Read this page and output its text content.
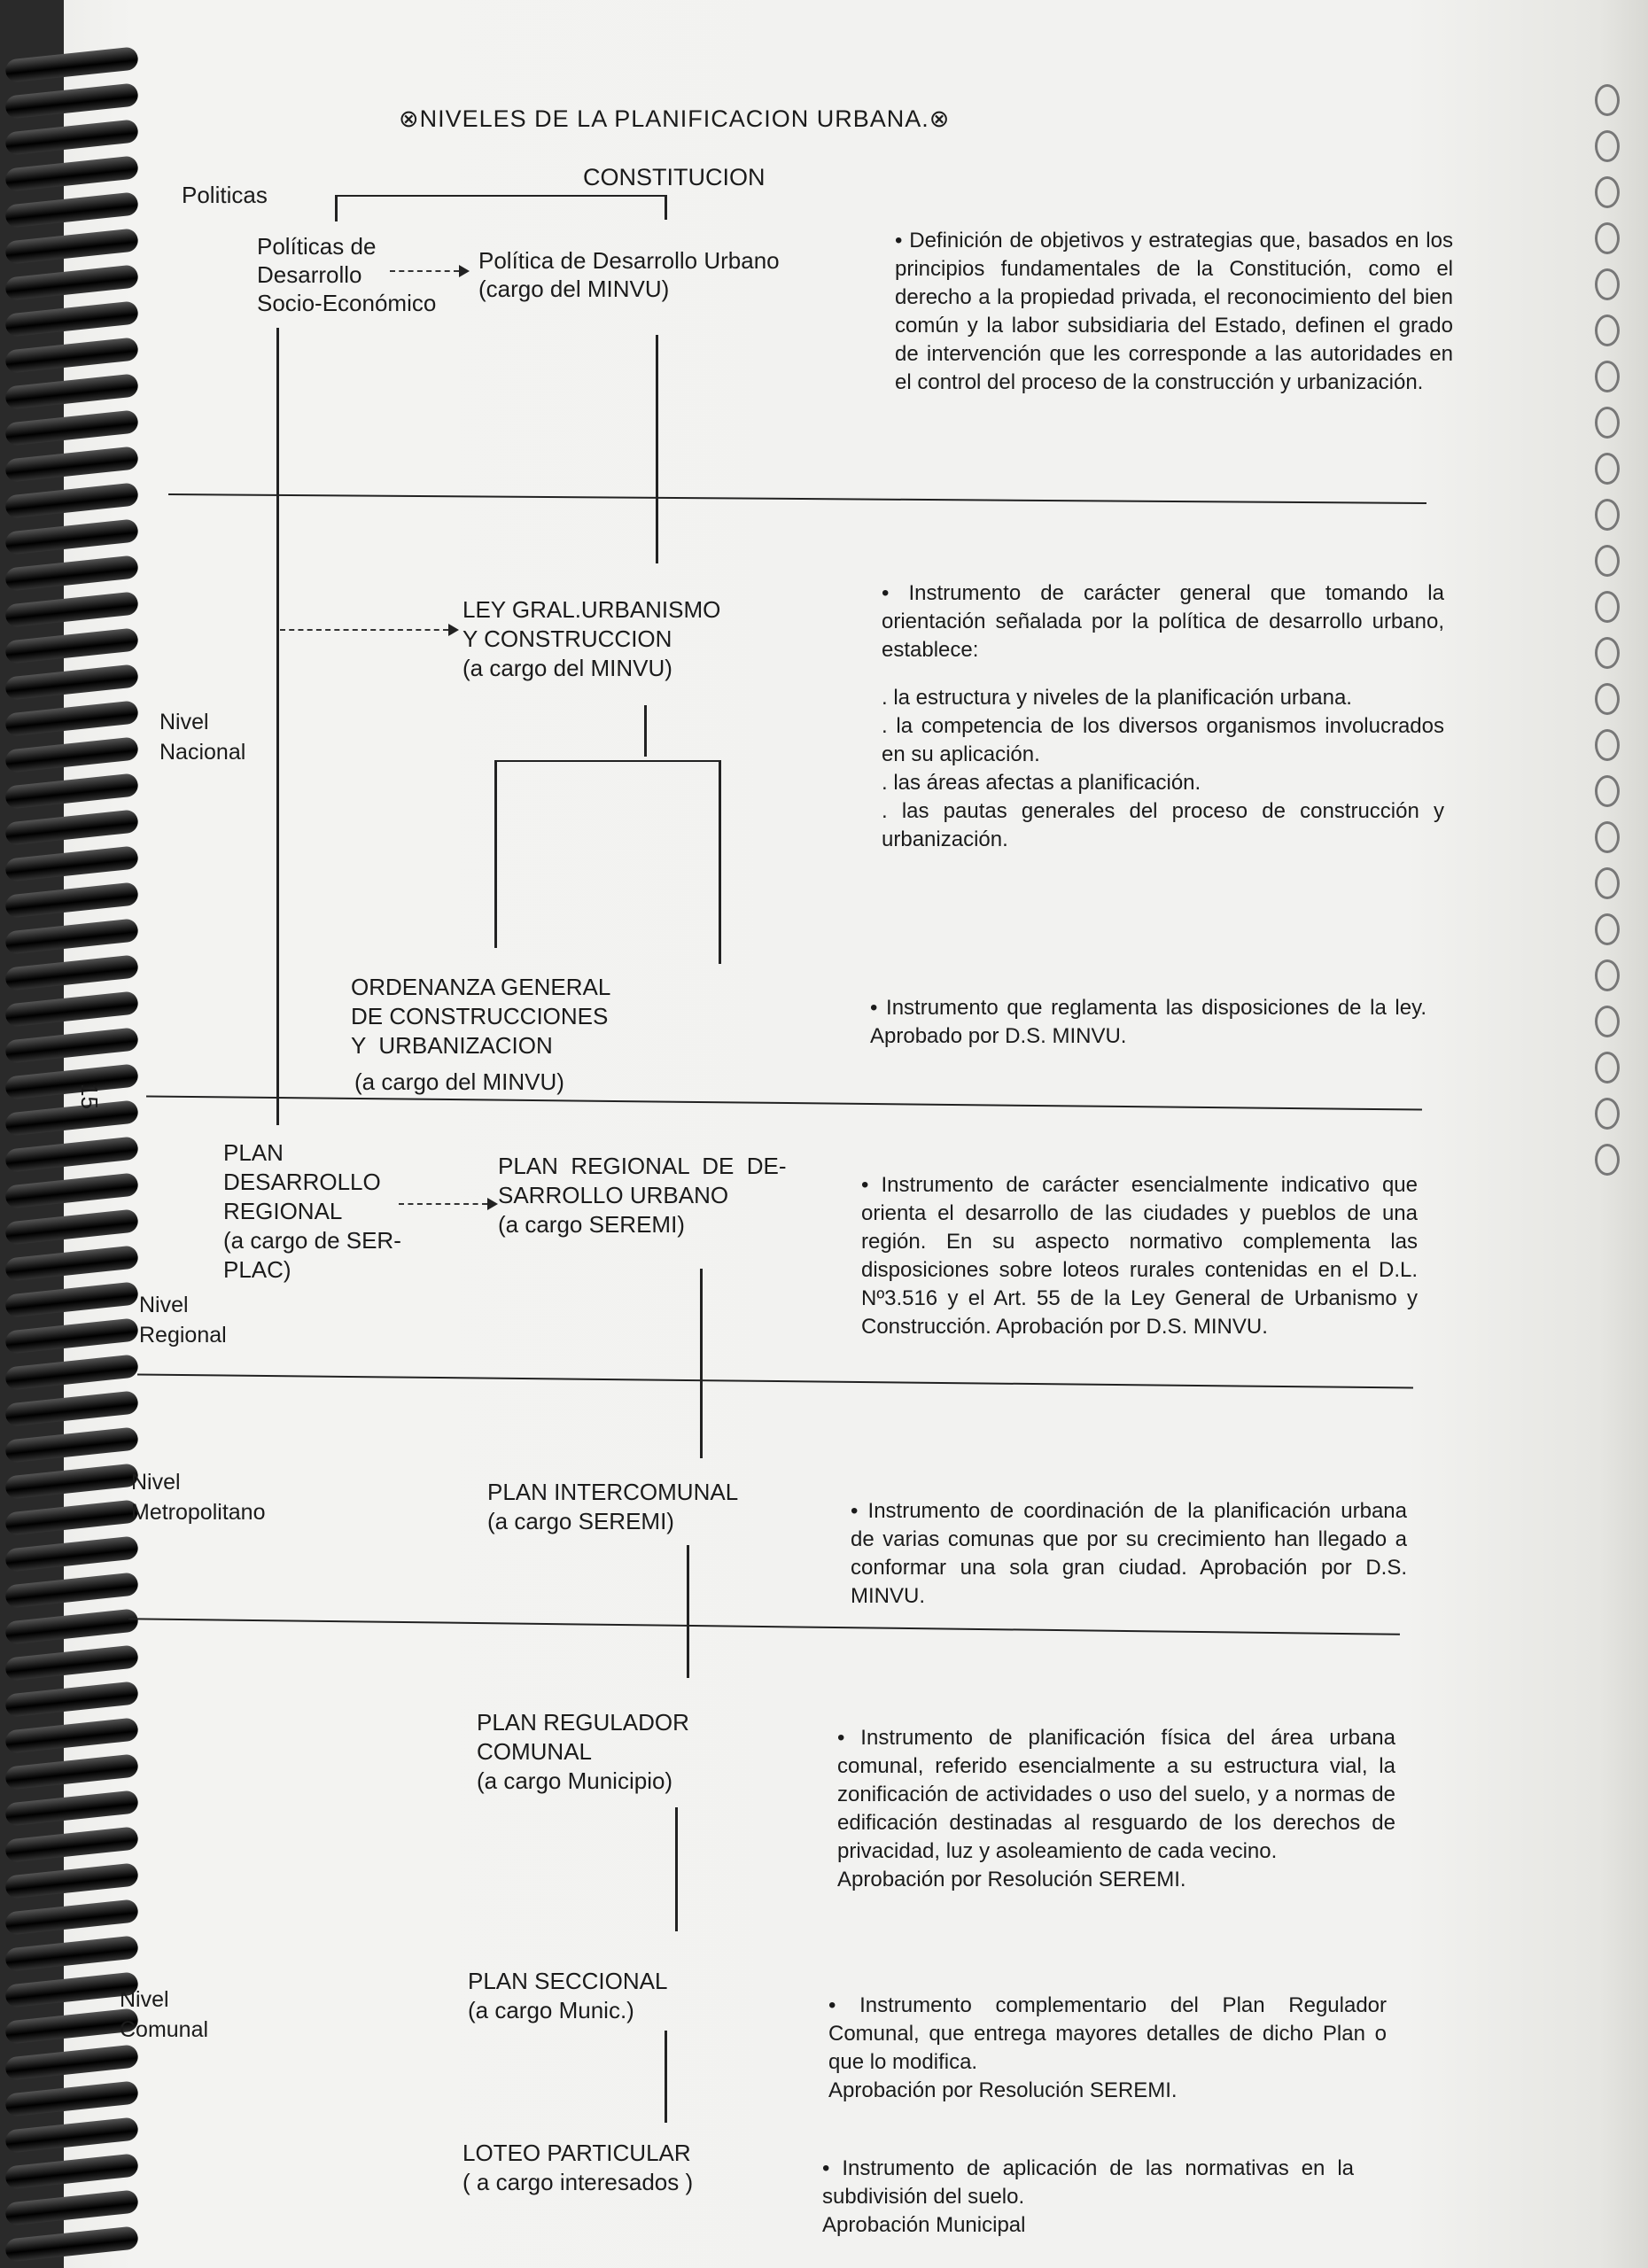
15
⊗NIVELES DE LA PLANIFICACION URBANA.⊗
Politicas
Nivel
Nacional
Nivel
Regional
Nivel
Metropolitano
Nivel
Comunal
CONSTITUCION
Políticas de
Desarrollo
Socio-Económico
Política de Desarrollo Urbano
(cargo del MINVU)
LEY GRAL.URBANISMO
Y CONSTRUCCION
(a cargo del MINVU)
ORDENANZA GENERAL
DE CONSTRUCCIONES
Y  URBANIZACION
(a cargo del MINVU)
PLAN
DESARROLLO
REGIONAL
(a cargo de SER-
PLAC)
PLAN  REGIONAL  DE  DE-
SARROLLO URBANO
(a cargo SEREMI)
PLAN INTERCOMUNAL
(a cargo SEREMI)
PLAN REGULADOR
COMUNAL
(a cargo Municipio)
PLAN SECCIONAL
(a cargo Munic.)
LOTEO PARTICULAR
( a cargo interesados )
• Definición de objetivos y estrategias que, basados en los principios fundamentales de la Constitución, como el derecho a la propiedad privada, el reconocimiento del bien común y la labor subsidiaria del Estado, definen el grado de intervención que les corresponde a las autoridades en el control del proceso de la construcción y urbanización.

• Instrumento de carácter general que tomando la orientación señalada por la política de desarrollo urbano, establece:

. la estructura y niveles de la planificación urbana.

. la competencia de los diversos organismos involucrados en su aplicación.

. las áreas afectas a planificación.

. las pautas generales del proceso de construcción y urbanización.

• Instrumento que reglamenta las disposiciones de la ley. Aprobado por D.S. MINVU.
• Instrumento de carácter esencialmente indicativo que orienta el desarrollo de las ciudades y pueblos de una región. En su aspecto normativo complementa las disposiciones sobre loteos rurales contenidas en el D.L. Nº3.516 y el Art. 55 de la Ley General de Urbanismo y Construcción. Aprobación por D.S. MINVU.
• Instrumento de coordinación de la planificación urbana de varias comunas que por su crecimiento han llegado a conformar una sola gran ciudad. Aprobación por D.S. MINVU.

• Instrumento de planificación física del área urbana comunal, referido esencialmente a su estructura vial, la zonificación de actividades o uso del suelo, y a normas de edificación destinadas al resguardo de los derechos de privacidad, luz y asoleamiento de cada vecino.

Aprobación por Resolución SEREMI.

• Instrumento complementario del Plan Regulador Comunal, que entrega mayores detalles de dicho Plan o que lo modifica.

Aprobación por Resolución SEREMI.

• Instrumento de aplicación de las normativas en la subdivisión del suelo.

Aprobación Municipal
